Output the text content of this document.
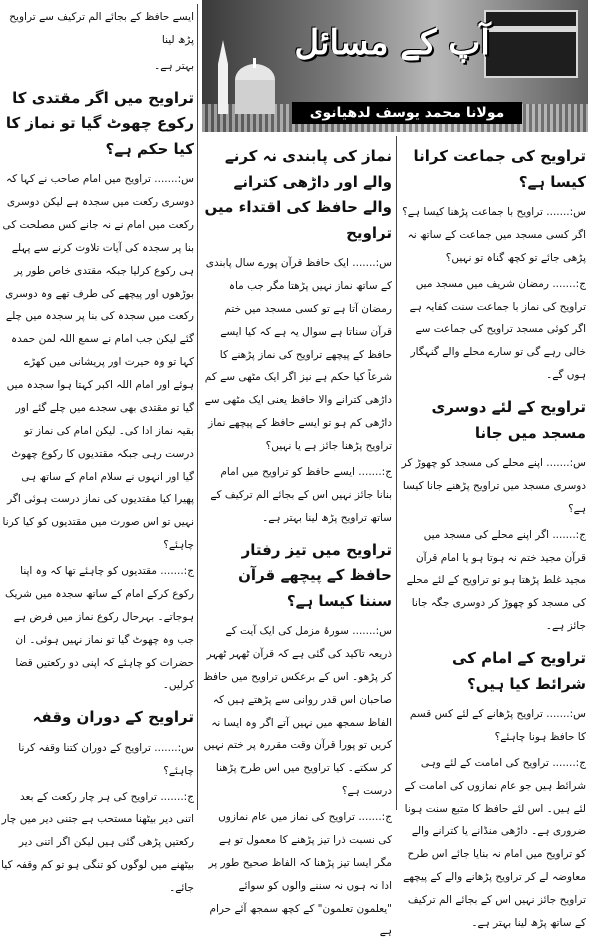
آپ کے مسائل
مولانا محمد یوسف لدھیانوی

ایسے حافظ کے بجائے الم ترکیف سے تراویح پڑھ لینا

بہتر ہے۔

تراویح میں اگر مقتدی کا رکوع چھوٹ گیا تو نماز کا کیا حکم ہے؟

س:....... تراویح میں امام صاحب نے کہا کہ دوسری رکعت میں سجدہ ہے لیکن دوسری رکعت میں امام نے نہ جانے کس مصلحت کی بنا پر سجدہ کی آیات تلاوت کرنے سے پہلے ہی رکوع کرلیا جبکہ مقتدی خاص طور پر بوڑھوں اور پیچھے کی طرف تھے وہ دوسری رکعت میں سجدہ کی بنا پر سجدہ میں چلے گئے لیکن جب امام نے سمع اللہ لمن حمدہ کہا تو وہ حیرت اور پریشانی میں کھڑے ہوئے اور امام اللہ اکبر کہتا ہوا سجدہ میں گیا تو مقتدی بھی سجدے میں چلے گئے اور بقیہ نماز ادا کی۔ لیکن امام کی نماز تو درست رہی جبکہ مقتدیوں کا رکوع چھوٹ گیا اور انہوں نے سلام امام کے ساتھ ہی پھیرا کیا مقتدیوں کی نماز درست ہوئی اگر نہیں تو اس صورت میں مقتدیوں کو کیا کرنا چاہئے؟

ج:....... مقتدیوں کو چاہئے تھا کہ وہ اپنا رکوع کرکے امام کے ساتھ سجدہ میں شریک ہوجاتے۔ بہرحال رکوع نماز میں فرض ہے جب وہ چھوٹ گیا تو نماز نہیں ہوئی۔ ان حضرات کو چاہئے کہ اپنی دو رکعتیں قضا کرلیں۔

تراویح کے دوران وقفہ

س:....... تراویح کے دوران کتنا وقفہ کرنا چاہئے؟

ج:....... تراویح کی ہر چار رکعت کے بعد اتنی دیر بیٹھنا مستحب ہے جتنی دیر میں چار رکعتیں پڑھی گئی ہیں لیکن اگر اتنی دیر بیٹھنے میں لوگوں کو تنگی ہو تو کم وقفہ کیا جائے۔

نماز کی پابندی نہ کرنے والے اور داڑھی کترانے والے حافظ کی اقتداء میں تراویح

س:....... ایک حافظ قرآن پورے سال پابندی کے ساتھ نماز نہیں پڑھتا مگر جب ماہ رمضان آتا ہے تو کسی مسجد میں ختم قرآن سناتا ہے سوال یہ ہے کہ کیا ایسے حافظ کے پیچھے تراویح کی نماز پڑھنے کا شرعاً کیا حکم ہے نیز اگر ایک مٹھی سے کم داڑھی کترانے والا حافظ یعنی ایک مٹھی سے داڑھی کم ہو تو ایسے حافظ کے پیچھے نماز تراویح پڑھنا جائز ہے یا نہیں؟

ج:....... ایسے حافظ کو تراویح میں امام بنانا جائز نہیں اس کے بجائے الم ترکیف کے ساتھ تراویح پڑھ لینا بہتر ہے۔

تراویح میں تیز رفتار حافظ کے پیچھے قرآن سننا کیسا ہے؟

س:....... سورۂ مزمل کی ایک آیت کے ذریعہ تاکید کی گئی ہے کہ قرآن ٹھہر ٹھہر کر پڑھو۔ اس کے برعکس تراویح میں حافظ صاحبان اس قدر روانی سے پڑھتے ہیں کہ الفاظ سمجھ میں نہیں آتے اگر وہ ایسا نہ کریں تو پورا قرآن وقت مقررہ پر ختم نہیں کر سکتے۔ کیا تراویح میں اس طرح پڑھنا درست ہے؟

ج:....... تراویح کی نماز میں عام نمازوں کی نسبت ذرا تیز پڑھنے کا معمول تو ہے مگر ایسا تیز پڑھنا کہ الفاظ صحیح طور پر ادا نہ ہوں نہ سننے والوں کو سوائے "یعلمون تعلمون" کے کچھ سمجھ آئے حرام ہے

تراویح کی جماعت کرانا کیسا ہے؟

س:....... تراویح با جماعت پڑھنا کیسا ہے؟ اگر کسی مسجد میں جماعت کے ساتھ نہ پڑھی جائے تو کچھ گناہ تو نہیں؟

ج:....... رمضان شریف میں مسجد میں تراویح کی نماز با جماعت سنت کفایہ ہے اگر کوئی مسجد تراویح کی جماعت سے خالی رہے گی تو سارے محلے والے گنہگار ہوں گے۔

تراویح کے لئے دوسری مسجد میں جانا

س:....... اپنے محلے کی مسجد کو چھوڑ کر دوسری مسجد میں تراویح پڑھنے جانا کیسا ہے؟

ج:....... اگر اپنے محلے کی مسجد میں قرآن مجید ختم نہ ہوتا ہو یا امام قرآن مجید غلط پڑھتا ہو تو تراویح کے لئے محلے کی مسجد کو چھوڑ کر دوسری جگہ جانا جائز ہے۔

تراویح کے امام کی شرائط کیا ہیں؟

س:....... تراویح پڑھانے کے لئے کس قسم کا حافظ ہونا چاہئے؟

ج:....... تراویح کی امامت کے لئے وہی شرائط ہیں جو عام نمازوں کی امامت کے لئے ہیں۔ اس لئے حافظ کا متبع سنت ہونا ضروری ہے۔ داڑھی منڈانے یا کترانے والے کو تراویح میں امام نہ بنایا جائے اس طرح معاوضہ لے کر تراویح پڑھانے والے کے پیچھے تراویح جائز نہیں اس کے بجائے الم ترکیف کے ساتھ پڑھ لینا بہتر ہے۔
